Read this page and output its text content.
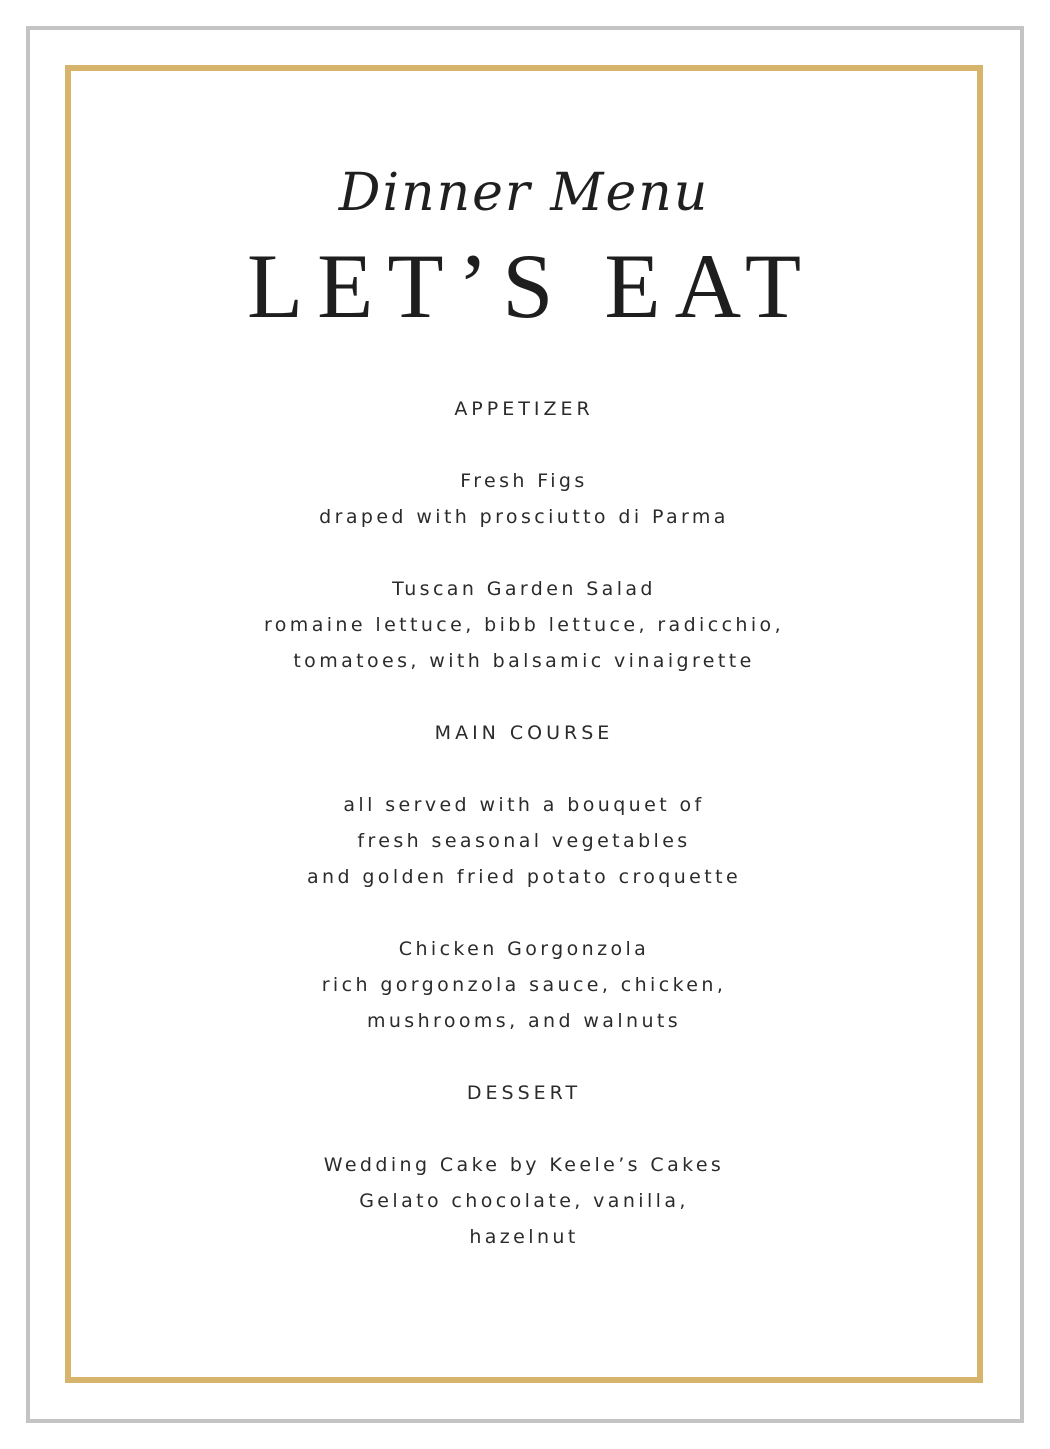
Dinner Menu
LET’S EAT
APPETIZER
Fresh Figs
draped with prosciutto di Parma
Tuscan Garden Salad
romaine lettuce, bibb lettuce, radicchio,
tomatoes, with balsamic vinaigrette
MAIN COURSE
all served with a bouquet of
fresh seasonal vegetables
and golden fried potato croquette
Chicken Gorgonzola
rich gorgonzola sauce, chicken,
mushrooms, and walnuts
DESSERT
Wedding Cake by Keele’s Cakes
Gelato chocolate, vanilla,
hazelnut
